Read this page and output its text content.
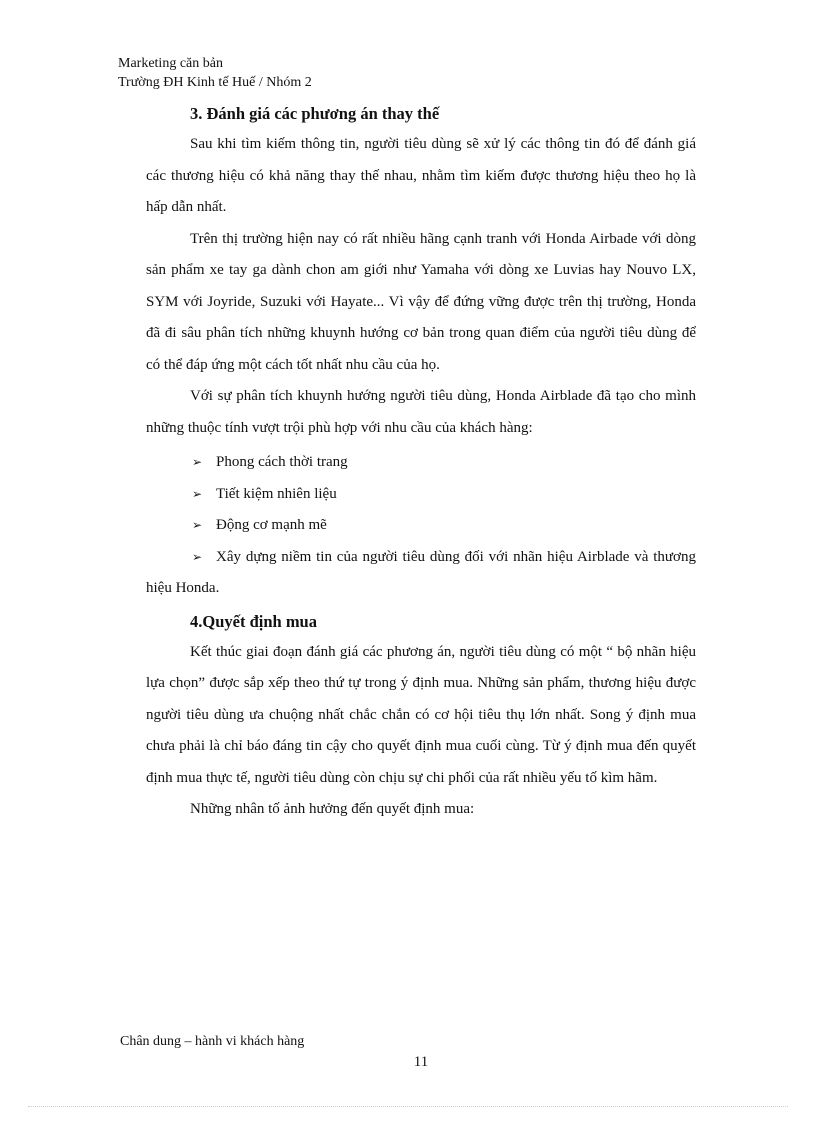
Marketing căn bản
Trường ĐH Kinh tế Huế / Nhóm 2
3. Đánh giá các phương án thay thế

Sau khi tìm kiếm thông tin, người tiêu dùng sẽ xử lý các thông tin đó để đánh giá các thương hiệu có khả năng thay thế nhau, nhằm tìm kiếm được thương hiệu theo họ là hấp dẫn nhất.

Trên thị trường hiện nay có rất nhiều hãng cạnh tranh với Honda Airbade với dòng sản phẩm xe tay ga dành chon am giới như Yamaha với dòng xe Luvias hay Nouvo LX, SYM với Joyride, Suzuki với Hayate... Vì vậy để đứng vững được trên thị trường, Honda đã đi sâu phân tích những khuynh hướng cơ bản trong quan điểm của người tiêu dùng để có thể đáp ứng một cách tốt nhất nhu cầu của họ.

Với sự phân tích khuynh hướng người tiêu dùng, Honda Airblade đã tạo cho mình những thuộc tính vượt trội phù hợp với nhu cầu của khách hàng:

➢ Phong cách thời trang
➢ Tiết kiệm nhiên liệu
➢ Động cơ mạnh mẽ
➢ Xây dựng niềm tin của người tiêu dùng đối với nhãn hiệu Airblade và thương hiệu Honda.
4.Quyết định mua

Kết thúc giai đoạn đánh giá các phương án, người tiêu dùng có một “ bộ nhãn hiệu lựa chọn” được sắp xếp theo thứ tự trong ý định mua. Những sản phẩm, thương hiệu được người tiêu dùng ưa chuộng nhất chắc chắn có cơ hội tiêu thụ lớn nhất. Song ý định mua chưa phải là chỉ báo đáng tin cậy cho quyết định mua cuối cùng. Từ ý định mua đến quyết định mua thực tế, người tiêu dùng còn chịu sự chi phối của rất nhiều yếu tố kìm hãm.

Những nhân tố ảnh hưởng đến quyết định mua:

Chân dung – hành vi khách hàng
11
